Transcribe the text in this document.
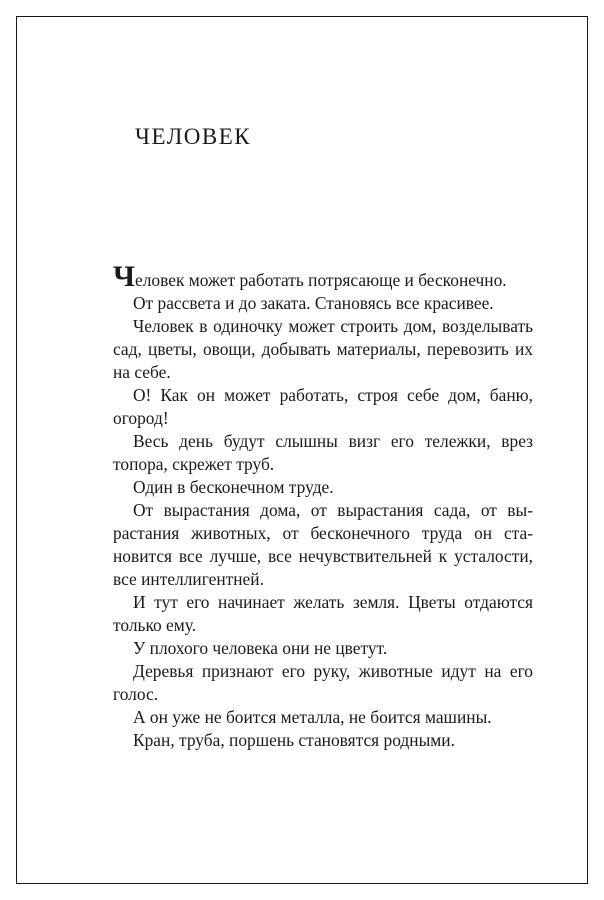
ЧЕЛОВЕК

Человек может работать потрясающе и бесконечно.

От рассвета и до заката. Становясь все красивее.

Человек в одиночку может строить дом, возделывать сад, цветы, овощи, добывать материалы, перевозить их на себе.

О! Как он может работать, строя себе дом, баню, огород!

Весь день будут слышны визг его тележки, врез топора, скрежет труб.

Один в бесконечном труде.

От вырастания дома, от вырастания сада, от вырастания животных, от бесконечного труда он становится все лучше, все нечувствительней к усталости, все интеллигентней.

И тут его начинает желать земля. Цветы отдаются только ему.

У плохого человека они не цветут.

Деревья признают его руку, животные идут на его голос.

А он уже не боится металла, не боится машины.

Кран, труба, поршень становятся родными.
